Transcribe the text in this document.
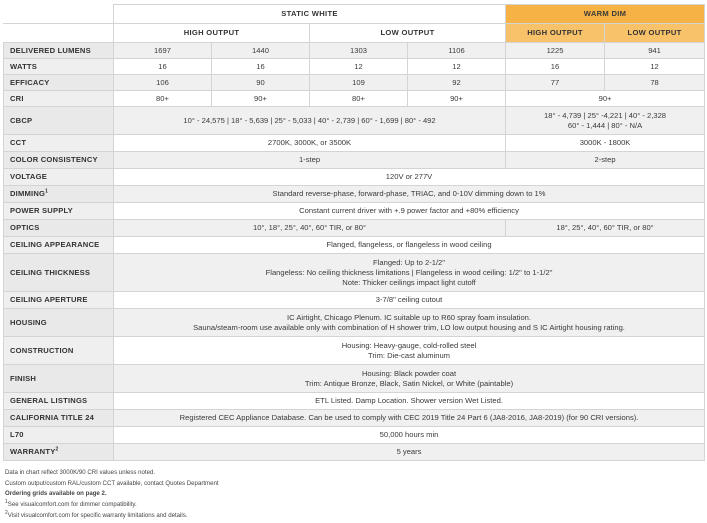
	STATIC WHITE				WARM DIM	
	HIGH OUTPUT		LOW OUTPUT		HIGH OUTPUT	LOW OUTPUT
DELIVERED LUMENS	1697	1440	1303	1106	1225	941
WATTS	16	16	12	12	16	12
EFFICACY	106	90	109	92	77	78
CRI	80+	90+	80+	90+	90+	
CBCP	10° - 24,575 | 18° - 5,639 | 25° - 5,033 | 40° - 2,739 | 60° - 1,699 | 80° - 492				18° - 4,739 | 25° -4,221 | 40° - 2,328
60° - 1,444 | 80° - N/A	

CCT	2700K, 3000K, or 3500K				3000K - 1800K	
COLOR CONSISTENCY	1-step				2-step	
VOLTAGE	120V or 277V					
DIMMING$^1$	Standard reverse-phase, forward-phase, TRIAC, and 0-10V dimming down to 1%					
POWER SUPPLY	Constant current driver with +.9 power factor and +80% efficiency					
OPTICS	10°, 18°, 25°, 40°, 60° TIR, or 80°				18°, 25°, 40°, 60° TIR, or 80°	
CEILING APPEARANCE	Flanged, flangeless, or flangeless in wood ceiling					
CEILING THICKNESS	Flanged: Up to 2-1/2"
Flangeless: No ceiling thickness limitations | Flangeless in wood ceiling: 1/2" to 1-1/2"
Note: Thicker ceilings impact light cutoff					

CEILING APERTURE	3-7/8" ceiling cutout					
HOUSING	IC Airtight, Chicago Plenum. IC suitable up to R60 spray foam insulation.
Sauna/steam-room use available only with combination of H shower trim, LO low output housing and S IC Airtight housing rating.					

CONSTRUCTION	Housing: Heavy-gauge, cold-rolled steel
Trim: Die-cast aluminum					

FINISH	Housing: Black powder coat
Trim: Antique Bronze, Black, Satin Nickel, or White (paintable)					

GENERAL LISTINGS	ETL Listed. Damp Location. Shower version Wet Listed.					
CALIFORNIA TITLE 24	Registered CEC Appliance Database. Can be used to comply with CEC 2019 Title 24 Part 6 (JA8-2016, JA8-2019) (for 90 CRI versions).					
L70	50,000 hours min					
WARRANTY$^2$	5 years					
Data in chart reflect 3000K/90 CRI values unless noted.
Custom output/custom RAL/custom CCT available, contact Quotes Department
Ordering grids available on page 2.
$^1$See visualcomfort.com for dimmer compatibility.
$^2$Visit visualcomfort.com for specific warranty limitations and details.
